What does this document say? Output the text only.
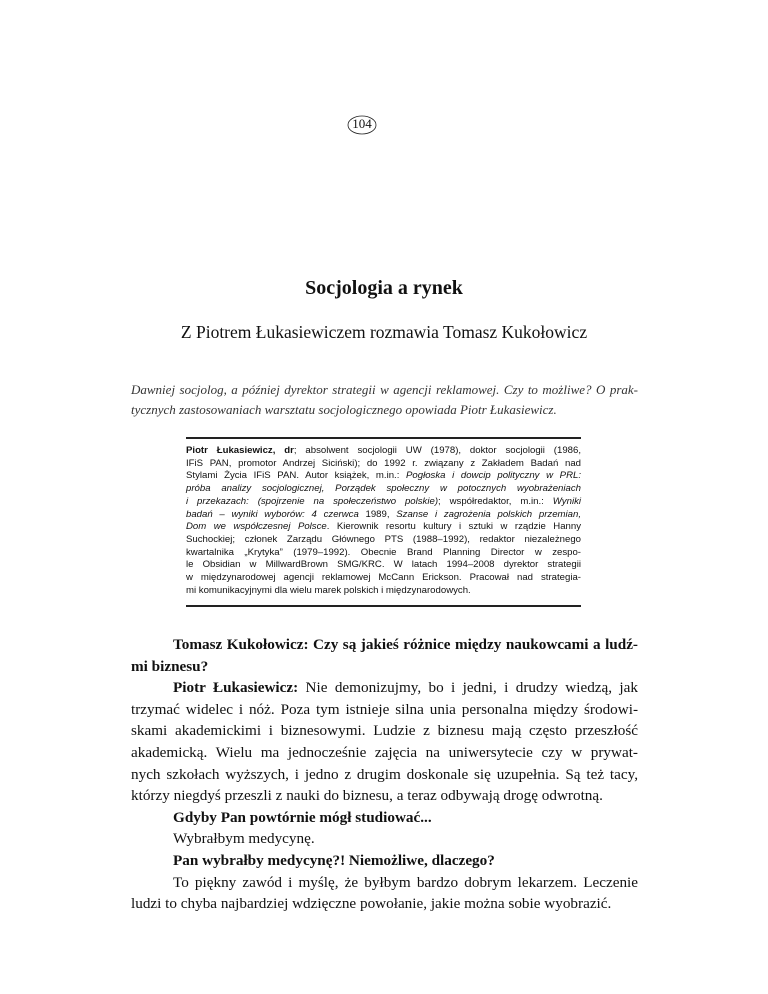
104
Socjologia a rynek
Z Piotrem Łukasiewiczem rozmawia Tomasz Kukołowicz
Dawniej socjolog, a później dyrektor strategii w agencji reklamowej. Czy to możliwe? O prak-
tycznych zastosowaniach warsztatu socjologicznego opowiada Piotr Łukasiewicz.
Piotr Łukasiewicz, dr; absolwent socjologii UW (1978), doktor socjologii (1986,
IFiS PAN, promotor Andrzej Siciński); do 1992 r. związany z Zakładem Badań nad
Stylami Życia IFiS PAN. Autor książek, m.in.: Pogłoska i dowcip polityczny w PRL:
próba analizy socjologicznej, Porządek społeczny w potocznych wyobrażeniach
i przekazach: (spojrzenie na społeczeństwo polskie); współredaktor, m.in.: Wyniki
badań – wyniki wyborów: 4 czerwca 1989, Szanse i zagrożenia polskich przemian,
Dom we współczesnej Polsce. Kierownik resortu kultury i sztuki w rządzie Hanny
Suchockiej; członek Zarządu Głównego PTS (1988–1992), redaktor niezależnego
kwartalnika „Krytyka” (1979–1992). Obecnie Brand Planning Director w zespo-
le Obsidian w MillwardBrown SMG/KRC. W latach 1994–2008 dyrektor strategii
w międzynarodowej agencji reklamowej McCann Erickson. Pracował nad strategia-
mi komunikacyjnymi dla wielu marek polskich i międzynarodowych.
Tomasz Kukołowicz: Czy są jakieś różnice między naukowcami a ludź-
mi biznesu?
Piotr Łukasiewicz: Nie demonizujmy, bo i jedni, i drudzy wiedzą, jak
trzymać widelec i nóż. Poza tym istnieje silna unia personalna między środowi-
skami akademickimi i biznesowymi. Ludzie z biznesu mają często przeszłość
akademicką. Wielu ma jednocześnie zajęcia na uniwersytecie czy w prywat-
nych szkołach wyższych, i jedno z drugim doskonale się uzupełnia. Są też tacy,
którzy niegdyś przeszli z nauki do biznesu, a teraz odbywają drogę odwrotną.
Gdyby Pan powtórnie mógł studiować...
Wybrałbym medycynę.
Pan wybrałby medycynę?! Niemożliwe, dlaczego?
To piękny zawód i myślę, że byłbym bardzo dobrym lekarzem. Leczenie
ludzi to chyba najbardziej wdzięczne powołanie, jakie można sobie wyobrazić.
